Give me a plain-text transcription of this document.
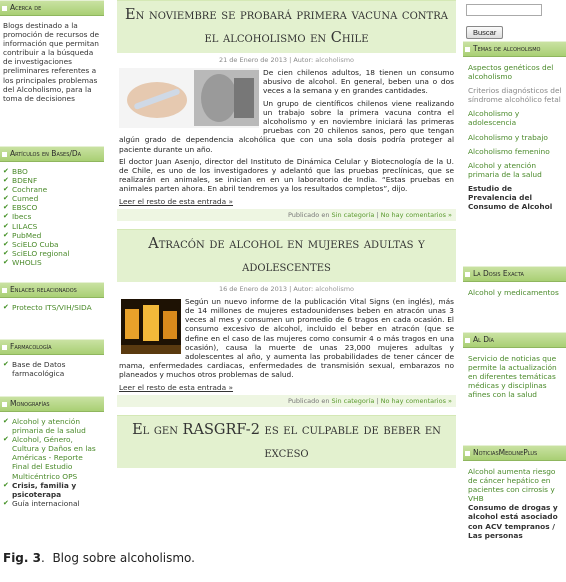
Acerca de
Blogs destinado a la promoción de recursos de información que permitan contribuir a la búsqueda de investigaciones preliminares referentes a los principales problemas del Alcoholismo, para la toma de decisiones
Artículos en Bases/Da
✔ BBO
✔ BDENF
✔ Cochrane
✔ Cumed
✔ EBSCO
✔ Ibecs
✔ LILACS
✔ PubMed
✔ SciELO Cuba
✔ SciELO regional
✔ WHOLIS
Enlaces relacionados
✔ Protecto ITS/VIH/SIDA
Farmacología
✔ Base de Datos farmacológica
Monografías
✔ Alcohol y atención primaria de la salud
✔ Alcohol, Género, Cultura y Daños en las Américas - Reporte Final del Estudio Multicéntrico OPS
✔ Crisis, familia y psicoterapa
✔ Guía internacional
En noviembre se probará primera vacuna contra el alcoholismo en Chile
21 de Enero de 2013 | Autor: alcoholismo

De cien chilenos adultos, 18 tienen un consumo abusivo de alcohol. En general, beben una o dos veces a la semana y en grandes cantidades.

Un grupo de científicos chilenos viene realizando un trabajo sobre la primera vacuna contra el alcoholismo y en noviembre iniciará las primeras pruebas con 20 chilenos sanos, pero que tengan algún grado de dependencia alcohólica que con una sola dosis podría proteger al paciente durante un año.

El doctor Juan Asenjo, director del Instituto de Dinámica Celular y Biotecnología de la U. de Chile, es uno de los investigadores y adelantó que las pruebas preclínicas, que se realizarán en animales, se inician en en un laboratorio de India. “Estas pruebas en animales parten ahora. En abril tendremos ya los resultados completos”, dijo.

Leer el resto de esta entrada »
Publicado en Sin categoría | No hay comentarios »
Atracón de alcohol en mujeres adultas y adolescentes
16 de Enero de 2013 | Autor: alcoholismo

Según un nuevo informe de la publicación Vital Signs (en inglés), más de 14 millones de mujeres estadounidenses beben en atracón unas 3 veces al mes y consumen un promedio de 6 tragos en cada ocasión. El consumo excesivo de alcohol, incluido el beber en atracón (que se define en el caso de las mujeres como consumir 4 o más tragos en una ocasión), causa la muerte de unas 23,000 mujeres adultas y adolescentes al año, y aumenta las probabilidades de tener cáncer de mama, enfermedades cardiacas, enfermedades de transmisión sexual, embarazos no planeados y muchos otros problemas de salud.

Leer el resto de esta entrada »
Publicado en Sin categoría | No hay comentarios »
El gen RASGRF-2 es el culpable de beber en exceso
Buscar
Temas de alcoholismo
Aspectos genéticos del alcoholismo
Criterios diagnósticos del síndrome alcohólico fetal
Alcoholismo y adolescencia
Alcoholismo y trabajo
Alcoholismo femenino
Alcohol y atención primaria de la salud
Estudio de Prevalencia del Consumo de Alcohol
La Dosis Exacta
Alcohol y medicamentos
Al Día
Servicio de noticias que permite la actualización en diferentes temáticas médicas y disciplinas afines con la salud
NoticiasMedlinePlus
Alcohol aumenta riesgo de cáncer hepático en pacientes con cirrosis y VHB
Consumo de drogas y alcohol está asociado con ACV tempranos / Las personas
Fig. 3.  Blog sobre alcoholismo.
